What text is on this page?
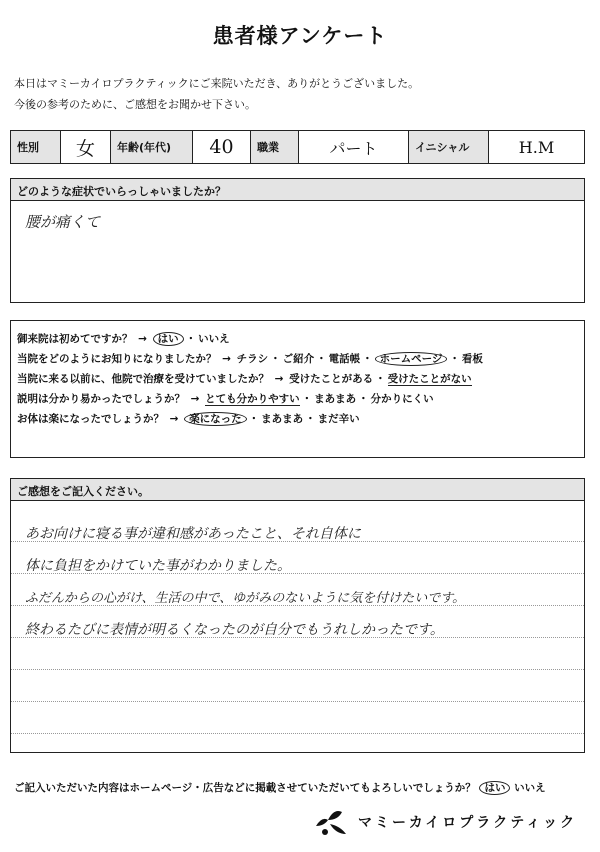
患者様アンケート
本日はマミーカイロプラクティックにご来院いただき、ありがとうございました。
今後の参考のために、ご感想をお聞かせ下さい。
性別	女	年齢(年代)	40	職業	パート	イニシャル	H.M
どのような症状でいらっしゃいましたか？
腰が痛くて
御来院は初めてですか？ → はい ・ いいえ
当院をどのようにお知りになりましたか？ → チラシ ・ ご紹介 ・ 電話帳 ・ ホームページ ・ 看板
当院に来る以前に、他院で治療を受けていましたか？ → 受けたことがある ・ 受けたことがない
説明は分かり易かったでしょうか？ → とても分かりやすい ・ まあまあ ・ 分かりにくい
お体は楽になったでしょうか？ → 楽になった ・ まあまあ ・ まだ辛い
ご感想をご記入ください。
あお向けに寝る事が違和感があったこと、それ自体に
体に負担をかけていた事がわかりました。
ふだんからの心がけ、生活の中で、ゆがみのないように気を付けたいです。
終わるたびに表情が明るくなったのが自分でもうれしかったです。
ご記入いただいた内容はホームページ・広告などに掲載させていただいてもよろしいでしょうか？ はい いいえ
マミーカイロプラクティック
